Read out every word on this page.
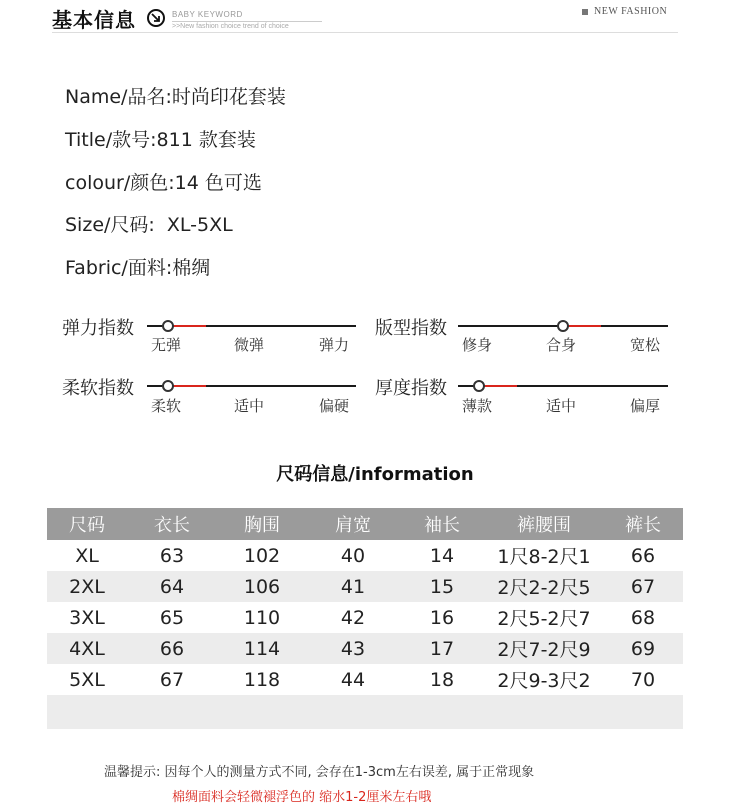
基本信息	BABY KEYWORD
>>New fashion choice trend of choice
NEW FASHION
Name/品名:时尚印花套装
Title/款号:811 款套装
colour/颜色:14 色可选
Size/尺码:  XL-5XL
Fabric/面料:棉绸
弹力指数
无弹	微弹	弹力
版型指数
修身	合身	宽松
柔软指数
柔软	适中	偏硬
厚度指数
薄款	适中	偏厚
尺码信息/information
尺码	衣长	胸围	肩宽	袖长	裤腰围	裤长
XL	63	102	40	14	1尺8-2尺1	66
2XL	64	106	41	15	2尺2-2尺5	67
3XL	65	110	42	16	2尺5-2尺7	68
4XL	66	114	43	17	2尺7-2尺9	69
5XL	67	118	44	18	2尺9-3尺2	70
温馨提示: 因每个人的测量方式不同, 会存在1-3cm左右误差, 属于正常现象
棉绸面料会轻微褪浮色的 缩水1-2厘米左右哦
